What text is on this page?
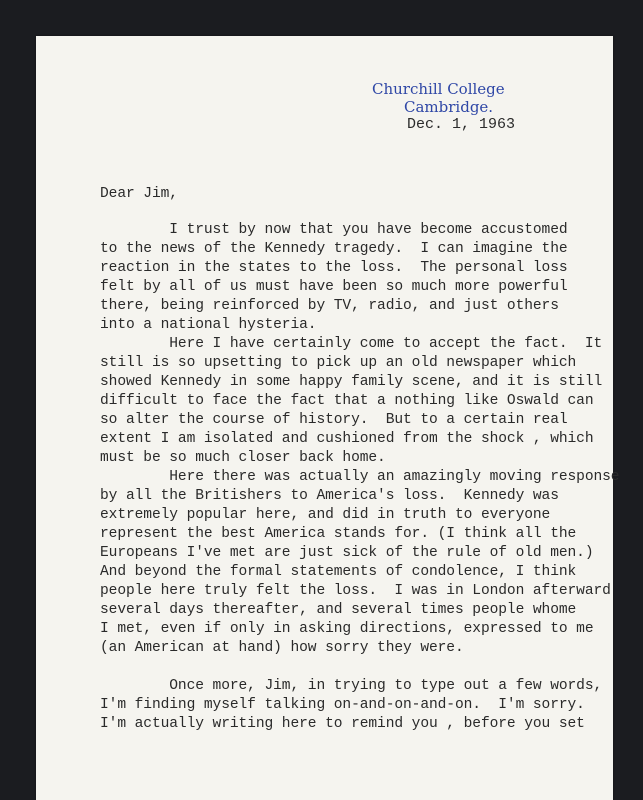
Churchill College
Cambridge.
Dec. 1, 1963
Dear Jim,
I trust by now that you have become accustomed
to the news of the Kennedy tragedy.  I can imagine the
reaction in the states to the loss.  The personal loss
felt by all of us must have been so much more powerful
there, being reinforced by TV, radio, and just others
into a national hysteria.
Here I have certainly come to accept the fact.  It
still is so upsetting to pick up an old newspaper which
showed Kennedy in some happy family scene, and it is still
difficult to face the fact that a nothing like Oswald can
so alter the course of history.  But to a certain real
extent I am isolated and cushioned from the shock , which
must be so much closer back home.
Here there was actually an amazingly moving response
by all the Britishers to America's loss.  Kennedy was
extremely popular here, and did in truth to everyone
represent the best America stands for. (I think all the
Europeans I've met are just sick of the rule of old men.)
And beyond the formal statements of condolence, I think
people here truly felt the loss.  I was in London afterward
several days thereafter, and several times people whome
I met, even if only in asking directions, expressed to me
(an American at hand) how sorry they were.
Once more, Jim, in trying to type out a few words,
I'm finding myself talking on-and-on-and-on.  I'm sorry.
I'm actually writing here to remind you , before you set
